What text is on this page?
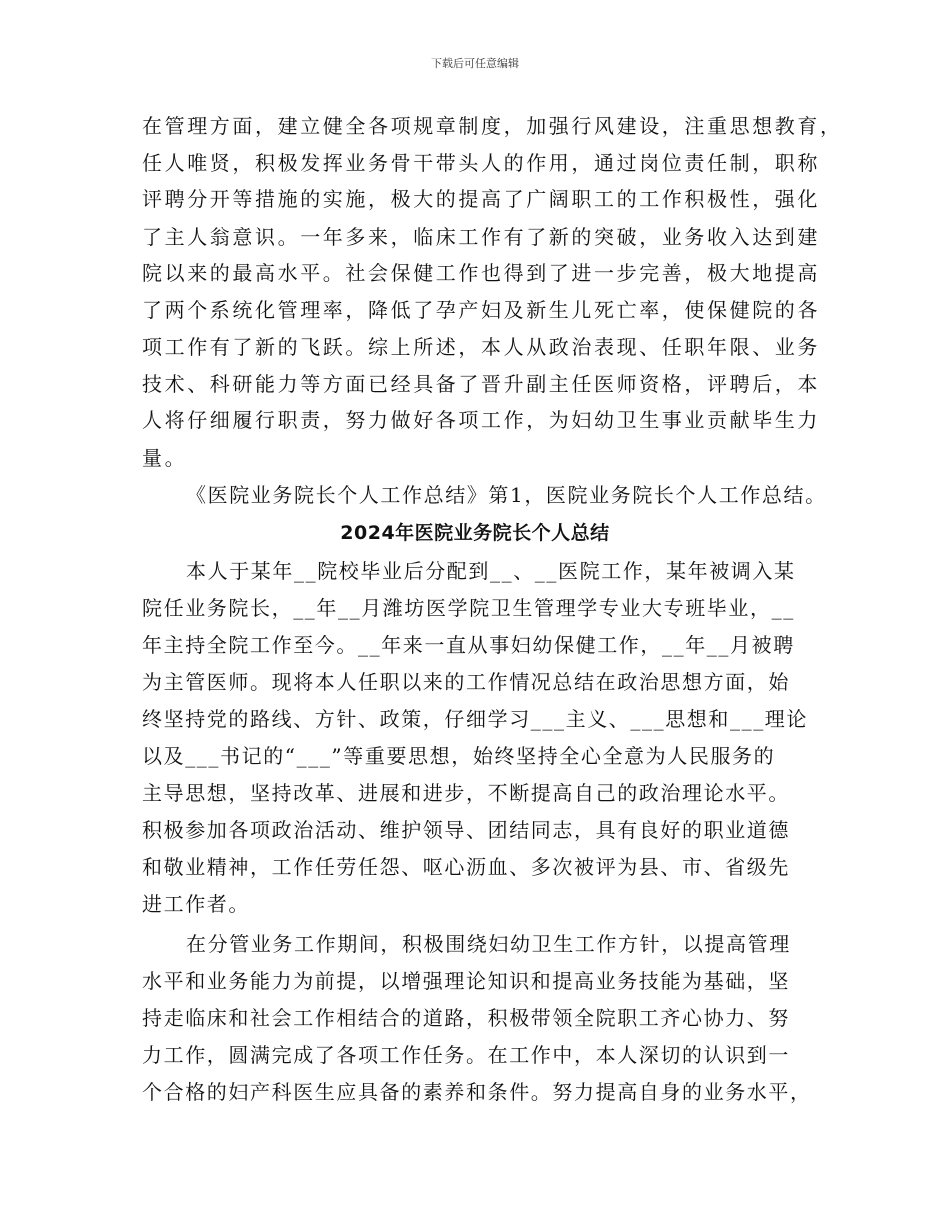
下载后可任意编辑
在管理方面，建立健全各项规章制度，加强行风建设，注重思想教育，
任人唯贤，积极发挥业务骨干带头人的作用，通过岗位责任制，职称
评聘分开等措施的实施，极大的提高了广阔职工的工作积极性，强化
了主人翁意识。一年多来，临床工作有了新的突破，业务收入达到建
院以来的最高水平。社会保健工作也得到了进一步完善，极大地提高
了两个系统化管理率，降低了孕产妇及新生儿死亡率，使保健院的各
项工作有了新的飞跃。综上所述，本人从政治表现、任职年限、业务
技术、科研能力等方面已经具备了晋升副主任医师资格，评聘后，本
人将仔细履行职责，努力做好各项工作，为妇幼卫生事业贡献毕生力
量。
《医院业务院长个人工作总结》第1，医院业务院长个人工作总结。
2024年医院业务院长个人总结
本人于某年__院校毕业后分配到__、__医院工作，某年被调入某
院任业务院长，__年__月潍坊医学院卫生管理学专业大专班毕业，__
年主持全院工作至今。__年来一直从事妇幼保健工作，__年__月被聘
为主管医师。现将本人任职以来的工作情况总结在政治思想方面，始
终坚持党的路线、方针、政策，仔细学习___主义、___思想和___理论
以及___书记的“___”等重要思想，始终坚持全心全意为人民服务的
主导思想，坚持改革、进展和进步，不断提高自己的政治理论水平。
积极参加各项政治活动、维护领导、团结同志，具有良好的职业道德
和敬业精神，工作任劳任怨、呕心沥血、多次被评为县、市、省级先
进工作者。
在分管业务工作期间，积极围绕妇幼卫生工作方针，以提高管理
水平和业务能力为前提，以增强理论知识和提高业务技能为基础，坚
持走临床和社会工作相结合的道路，积极带领全院职工齐心协力、努
力工作，圆满完成了各项工作任务。在工作中，本人深切的认识到一
个合格的妇产科医生应具备的素养和条件。努力提高自身的业务水平，
